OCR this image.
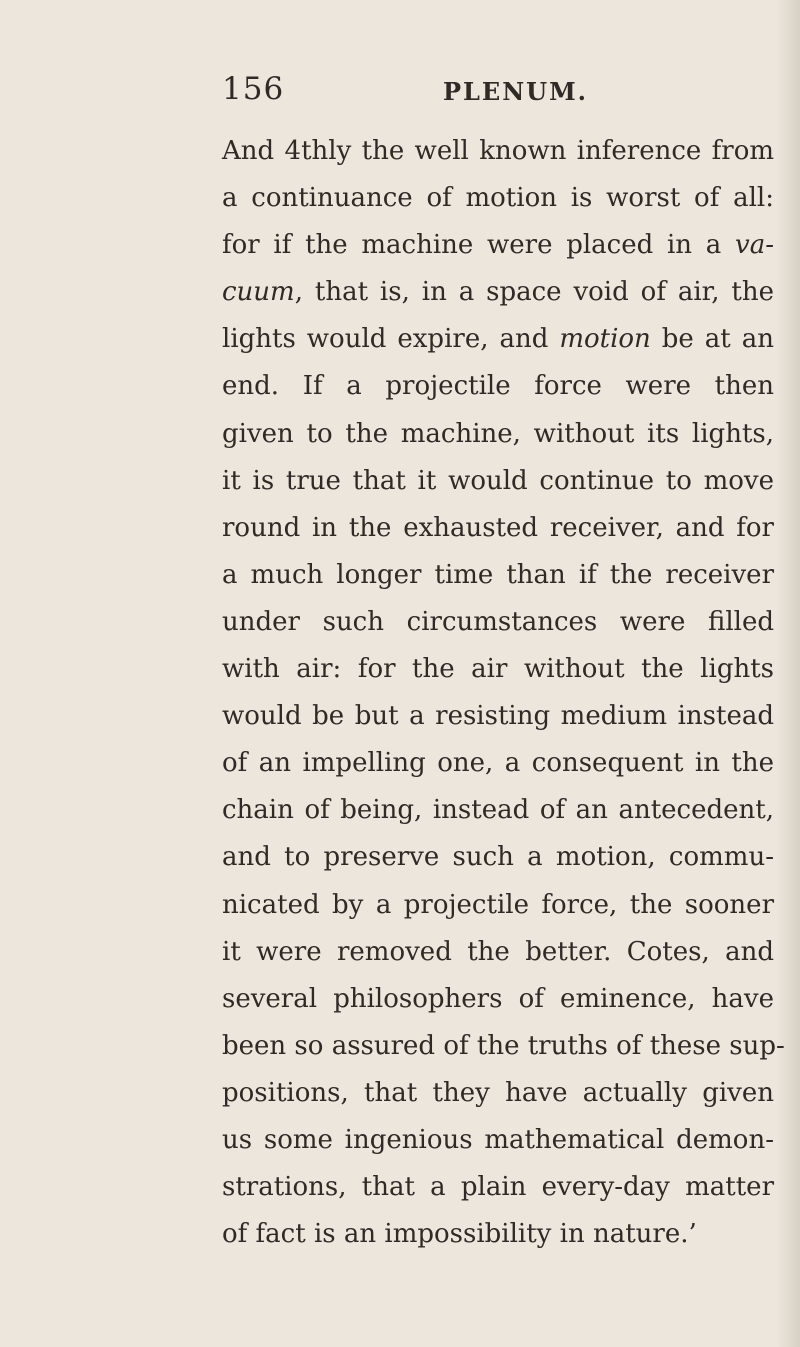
156	PLENUM.
And 4thly the well known inference from
a continuance of motion is worst of all:
for if the machine were placed in a va-
cuum, that is, in a space void of air, the
lights would expire, and motion be at an
end. If a projectile force were then
given to the machine, without its lights,
it is true that it would continue to move
round in the exhausted receiver, and for
a much longer time than if the receiver
under such circumstances were filled
with air: for the air without the lights
would be but a resisting medium instead
of an impelling one, a consequent in the
chain of being, instead of an antecedent,
and to preserve such a motion, commu-
nicated by a projectile force, the sooner
it were removed the better. Cotes, and
several philosophers of eminence, have
been so assured of the truths of these sup-
positions, that they have actually given
us some ingenious mathematical demon-
strations, that a plain every-day matter
of fact is an impossibility in nature.’
